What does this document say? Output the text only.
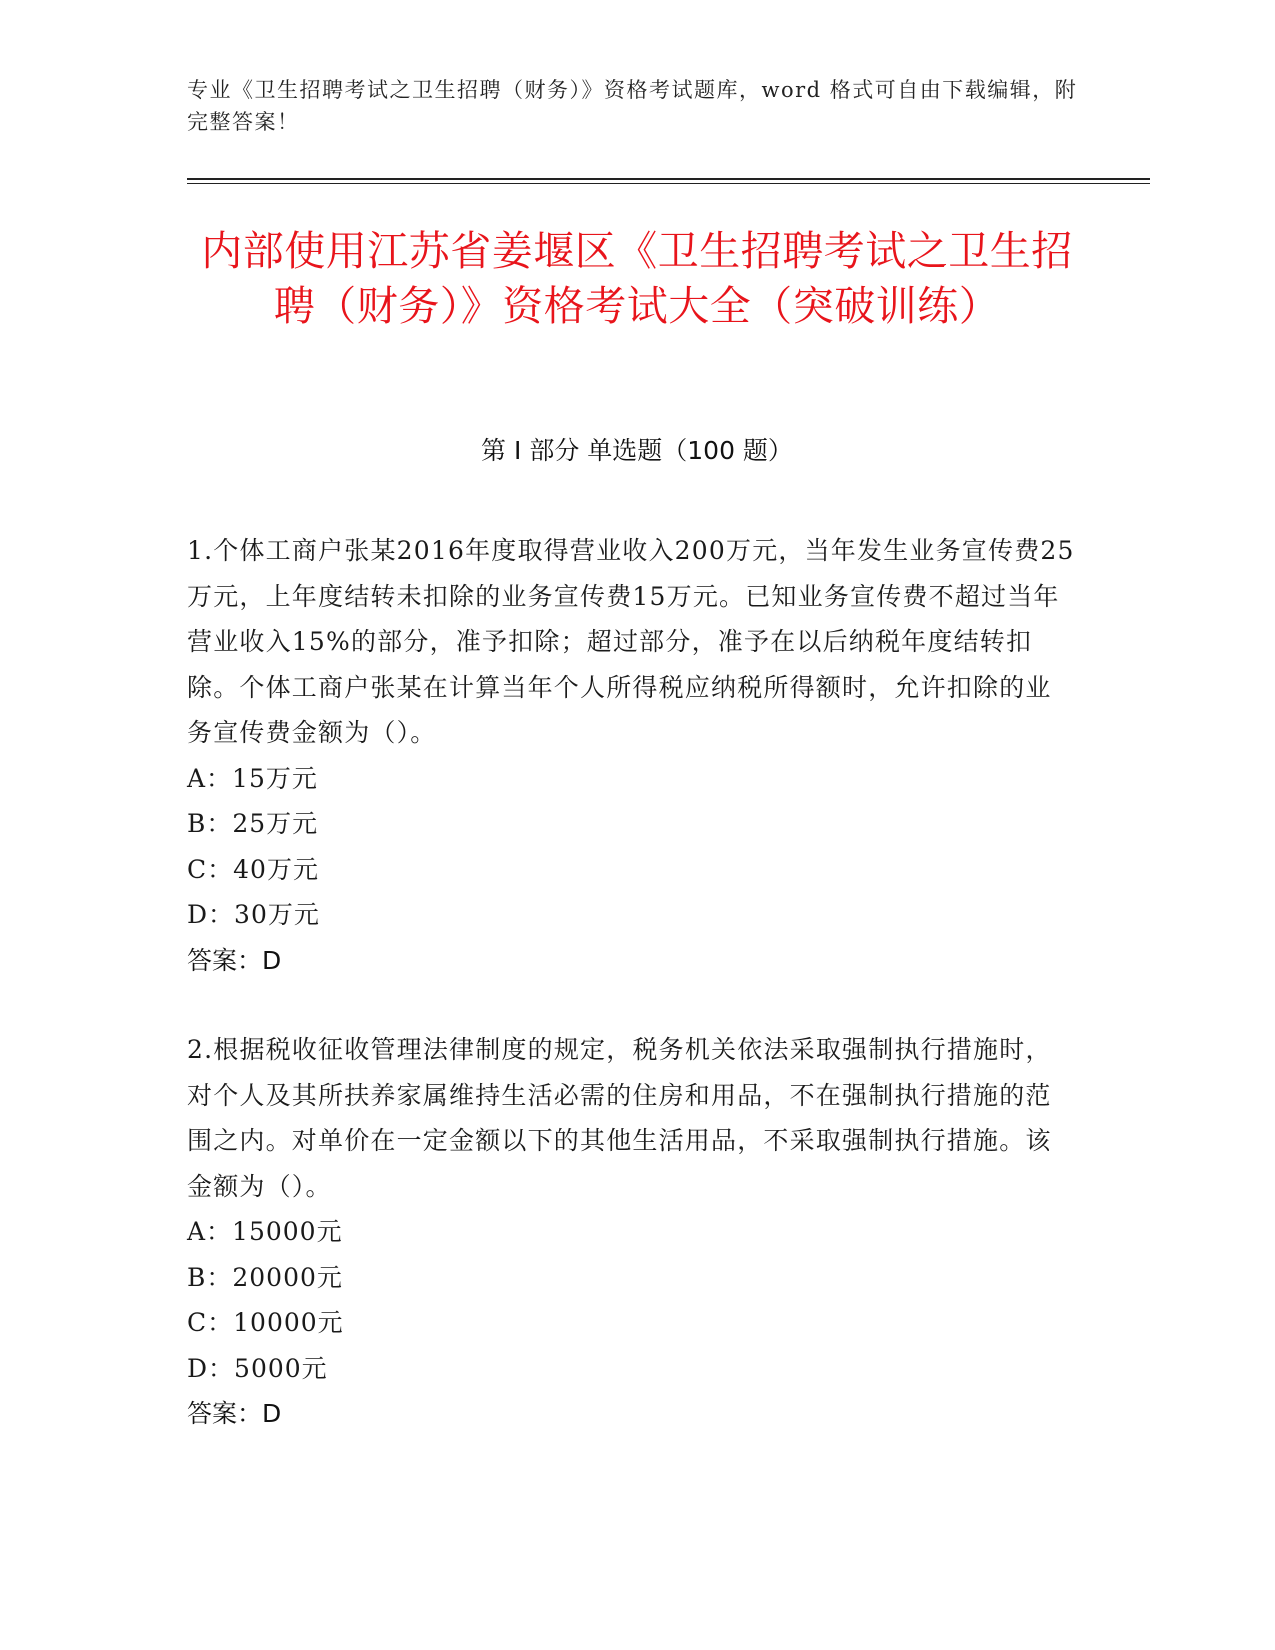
专业《卫生招聘考试之卫生招聘（财务）》资格考试题库，word 格式可自由下载编辑，附完整答案！
内部使用江苏省姜堰区《卫生招聘考试之卫生招聘（财务）》资格考试大全（突破训练）
第 I 部分 单选题（100 题）
1.个体工商户张某2016年度取得营业收入200万元，当年发生业务宣传费25万元，上年度结转未扣除的业务宣传费15万元。已知业务宣传费不超过当年营业收入15%的部分，准予扣除；超过部分，准予在以后纳税年度结转扣除。个体工商户张某在计算当年个人所得税应纳税所得额时，允许扣除的业务宣传费金额为（）。
A：15万元
B：25万元
C：40万元
D：30万元
答案：D
2.根据税收征收管理法律制度的规定，税务机关依法采取强制执行措施时，对个人及其所扶养家属维持生活必需的住房和用品，不在强制执行措施的范围之内。对单价在一定金额以下的其他生活用品，不采取强制执行措施。该金额为（）。
A：15000元
B：20000元
C：10000元
D：5000元
答案：D
